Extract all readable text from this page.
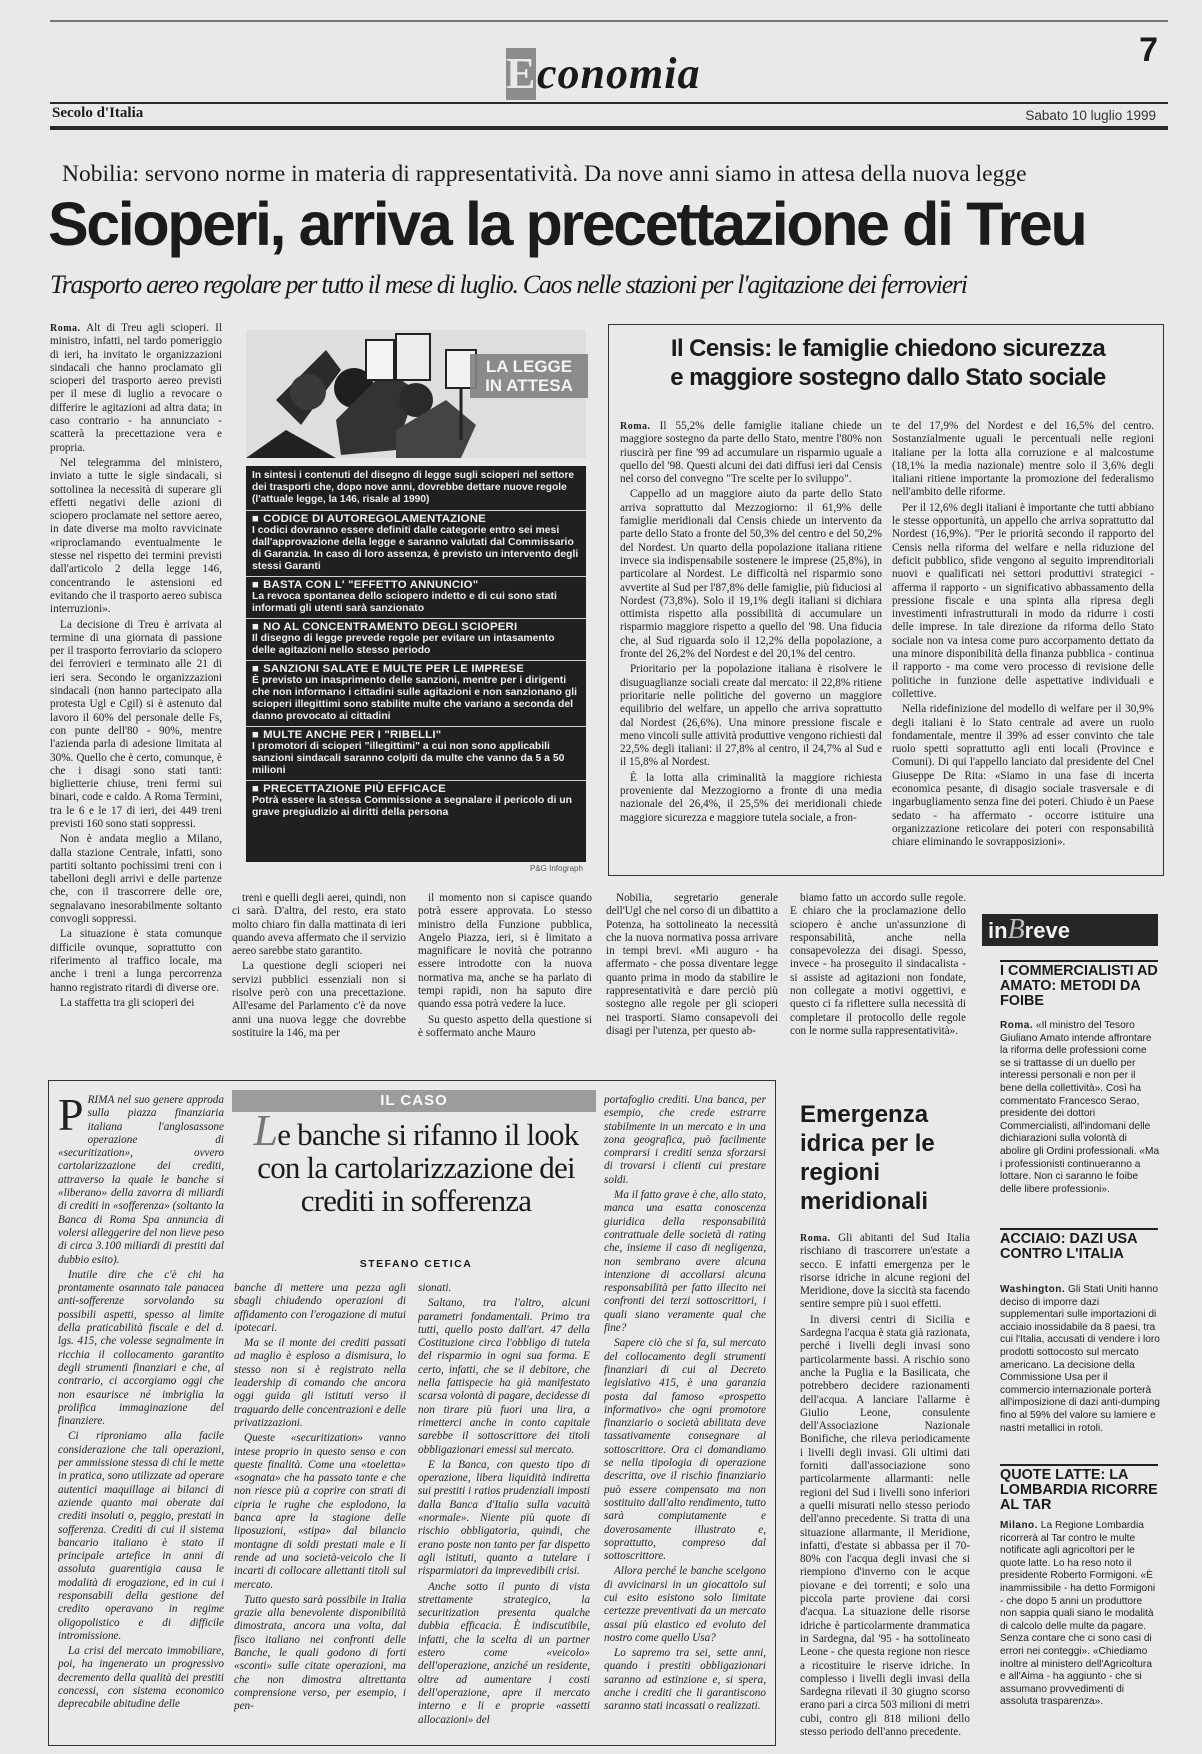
Economia	7
Secolo d'Italia	Sabato 10 luglio 1999
Nobilia: servono norme in materia di rappresentatività. Da nove anni siamo in attesa della nuova legge
Scioperi, arriva la precettazione di Treu
Trasporto aereo regolare per tutto il mese di luglio. Caos nelle stazioni per l'agitazione dei ferrovieri

Roma. Alt di Treu agli scioperi. Il ministro, infatti, nel tardo pomeriggio di ieri, ha invitato le organizzazioni sindacali che hanno proclamato gli scioperi del trasporto aereo previsti per il mese di luglio a revocare o differire le agitazioni ad altra data; in caso contrario - ha annunciato - scatterà la precettazione vera e propria.

Nel telegramma del ministero, inviato a tutte le sigle sindacali, si sottolinea la necessità di superare gli effetti negativi delle azioni di sciopero proclamate nel settore aereo, in date diverse ma molto ravvicinate «riproclamando eventualmente le stesse nel rispetto dei termini previsti dall'articolo 2 della legge 146, concentrando le astensioni ed evitando che il trasporto aereo subisca interruzioni».

La decisione di Treu è arrivata al termine di una giornata di passione per il trasporto ferroviario da sciopero dei ferrovieri e terminato alle 21 di ieri sera. Secondo le organizzazioni sindacali (non hanno partecipato alla protesta Ugl e Cgil) si è astenuto dal lavoro il 60% del personale delle Fs, con punte dell'80 - 90%, mentre l'azienda parla di adesione limitata al 30%. Quello che è certo, comunque, è che i disagi sono stati tanti: biglietterie chiuse, treni fermi sui binari, code e caldo. A Roma Termini, tra le 6 e le 17 di ieri, dei 449 treni previsti 160 sono stati soppressi.

Non è andata meglio a Milano, dalla stazione Centrale, infatti, sono partiti soltanto pochissimi treni con i tabelloni degli arrivi e delle partenze che, con il trascorrere delle ore, segnalavano inesorabilmente soltanto convogli soppressi.

La situazione è stata comunque difficile ovunque, soprattutto con riferimento al traffico locale, ma anche i treni a lunga percorrenza hanno registrato ritardi di diverse ore.

La staffetta tra gli scioperi dei

LA LEGGE
IN ATTESA
In sintesi i contenuti del disegno di legge sugli scioperi nel settore dei trasporti che, dopo nove anni, dovrebbe dettare nuove regole (l'attuale legge, la 146, risale al 1990)
■ CODICE DI AUTOREGOLAMENTAZIONE
I codici dovranno essere definiti dalle categorie entro sei mesi dall'approvazione della legge e saranno valutati dal Commissario di Garanzia. In caso di loro assenza, è previsto un intervento degli stessi Garanti
■ BASTA CON L' "EFFETTO ANNUNCIO"
La revoca spontanea dello sciopero indetto e di cui sono stati informati gli utenti sarà sanzionato
■ NO AL CONCENTRAMENTO DEGLI SCIOPERI
Il disegno di legge prevede regole per evitare un intasamento delle agitazioni nello stesso periodo
■ SANZIONI SALATE E MULTE PER LE IMPRESE
È previsto un inasprimento delle sanzioni, mentre per i dirigenti che non informano i cittadini sulle agitazioni e non sanzionano gli scioperi illegittimi sono stabilite multe che variano a seconda del danno provocato ai cittadini
■ MULTE ANCHE PER I "RIBELLI"
I promotori di scioperi "illegittimi" a cui non sono applicabili sanzioni sindacali saranno colpiti da multe che vanno da 5 a 50 milioni
■ PRECETTAZIONE PIÙ EFFICACE
Potrà essere la stessa Commissione a segnalare il pericolo di un grave pregiudizio ai diritti della persona
P&G Infograph

treni e quelli degli aerei, quindi, non ci sarà. D'altra, del resto, era stato molto chiaro fin dalla mattinata di ieri quando aveva affermato che il servizio aereo sarebbe stato garantito.

La questione degli scioperi nei servizi pubblici essenziali non si risolve però con una precettazione. All'esame del Parlamento c'è da nove anni una nuova legge che dovrebbe sostituire la 146, ma per

il momento non si capisce quando potrà essere approvata. Lo stesso ministro della Funzione pubblica, Angelo Piazza, ieri, si è limitato a magnificare le novità che potranno essere introdotte con la nuova normativa ma, anche se ha parlato di tempi rapidi, non ha saputo dire quando essa potrà vedere la luce.

Su questo aspetto della questione si è soffermato anche Mauro

Nobilia, segretario generale dell'Ugl che nel corso di un dibattito a Potenza, ha sottolineato la necessità che la nuova normativa possa arrivare in tempi brevi. «Mi auguro - ha affermato - che possa diventare legge quanto prima in modo da stabilire le rappresentatività e dare perciò più sostegno alle regole per gli scioperi nei trasporti. Siamo consapevoli dei disagi per l'utenza, per questo ab-

biamo fatto un accordo sulle regole. E chiaro che la proclamazione dello sciopero è anche un'assunzione di responsabilità, anche nella consapevolezza dei disagi. Spesso, invece - ha proseguito il sindacalista - si assiste ad agitazioni non fondate, non collegate a motivi oggettivi, e questo ci fa riflettere sulla necessità di completare il protocollo delle regole con le norme sulla rappresentatività».

Il Censis: le famiglie chiedono sicurezza
e maggiore sostegno dallo Stato sociale

Roma. Il 55,2% delle famiglie italiane chiede un maggiore sostegno da parte dello Stato, mentre l'80% non riuscirà per fine '99 ad accumulare un risparmio uguale a quello del '98. Questi alcuni dei dati diffusi ieri dal Censis nel corso del convegno "Tre scelte per lo sviluppo".

Cappello ad un maggiore aiuto da parte dello Stato arriva soprattutto dal Mezzogiorno: il 61,9% delle famiglie meridionali dal Censis chiede un intervento da parte dello Stato a fronte del 50,3% del centro e del 50,2% del Nordest. Un quarto della popolazione italiana ritiene invece sia indispensabile sostenere le imprese (25,8%), in particolare al Nordest. Le difficoltà nel risparmio sono avvertite al Sud per l'87,8% delle famiglie, più fiduciosi al Nordest (73,8%). Solo il 19,1% degli italiani si dichiara ottimista rispetto alla possibilità di accumulare un risparmio maggiore rispetto a quello del '98. Una fiducia che, al Sud riguarda solo il 12,2% della popolazione, a fronte del 26,2% del Nordest e del 20,1% del centro.

Prioritario per la popolazione italiana è risolvere le disuguaglianze sociali create dal mercato: il 22,8% ritiene prioritarie nelle politiche del governo un maggiore equilibrio del welfare, un appello che arriva soprattutto dal Nordest (26,6%). Una minore pressione fiscale e meno vincoli sulle attività produttive vengono richiesti dal 22,5% degli italiani: il 27,8% al centro, il 24,7% al Sud e il 15,8% al Nordest.

È la lotta alla criminalità la maggiore richiesta proveniente dal Mezzogiorno a fronte di una media nazionale del 26,4%, il 25,5% dei meridionali chiede maggiore sicurezza e maggiore tutela sociale, a fron-

te del 17,9% del Nordest e del 16,5% del centro. Sostanzialmente uguali le percentuali nelle regioni italiane per la lotta alla corruzione e al malcostume (18,1% la media nazionale) mentre solo il 3,6% degli italiani ritiene importante la promozione del federalismo nell'ambito delle riforme.

Per il 12,6% degli italiani è importante che tutti abbiano le stesse opportunità, un appello che arriva soprattutto dal Nordest (16,9%). "Per le priorità secondo il rapporto del Censis nella riforma del welfare e nella riduzione del deficit pubblico, sfide vengono al seguito imprenditoriali nuovi e qualificati nei settori produttivi strategici - afferma il rapporto - un significativo abbassamento della pressione fiscale e una spinta alla ripresa degli investimenti infrastrutturali in modo da ridurre i costi delle imprese. In tale direzione da riforma dello Stato sociale non va intesa come puro accorpamento dettato da una minore disponibilità della finanza pubblica - continua il rapporto - ma come vero processo di revisione delle politiche in funzione delle aspettative individuali e collettive.

Nella ridefinizione del modello di welfare per il 30,9% degli italiani è lo Stato centrale ad avere un ruolo fondamentale, mentre il 39% ad esser convinto che tale ruolo spetti soprattutto agli enti locali (Province e Comuni). Di qui l'appello lanciato dal presidente del Cnel Giuseppe De Rita: «Siamo in una fase di incerta economica pesante, di disagio sociale trasversale e di ingarbugliamento senza fine dei poteri. Chiudo è un Paese sedato - ha affermato - occorre istituire una organizzazione reticolare dei poteri con responsabilità chiare eliminando le sovrapposizioni».

inBreve
I COMMERCIALISTI AD AMATO: METODI DA FOIBE
Roma. «Il ministro del Tesoro Giuliano Amato intende affrontare la riforma delle professioni come se si trattasse di un duello per interessi personali e non per il bene della collettività». Così ha commentato Francesco Serao, presidente dei dottori Commercialisti, all'indomani delle dichiarazioni sulla volontà di abolire gli Ordini professionali. «Ma i professionisti continueranno a lottare. Non ci saranno le foibe delle libere professioni».
ACCIAIO: DAZI USA CONTRO L'ITALIA
Washington. Gli Stati Uniti hanno deciso di imporre dazi supplementari sulle importazioni di acciaio inossidabile da 8 paesi, tra cui l'Italia, accusati di vendere i loro prodotti sottocosto sul mercato americano. La decisione della Commissione Usa per il commercio internazionale porterà all'imposizione di dazi anti-dumping fino al 59% del valore su lamiere e nastri metallici in rotoli.
QUOTE LATTE: LA LOMBARDIA RICORRE AL TAR
Milano. La Regione Lombardia ricorrerà al Tar contro le multe notificate agli agricoltori per le quote latte. Lo ha reso noto il presidente Roberto Formigoni. «È inammissibile - ha detto Formigoni - che dopo 5 anni un produttore non sappia quali siano le modalità di calcolo delle multe da pagare. Senza contare che ci sono casi di errori nei conteggi». «Chiediamo inoltre al ministero dell'Agricoltura e all'Aima - ha aggiunto - che si assumano provvedimenti di assoluta trasparenza».
IL CASO
Le banche si rifanno il look con la cartolarizzazione dei crediti in sofferenza
STEFANO CETICA

PRIMA nel suo genere approda sulla piazza finanziaria italiana l'anglosassone operazione di «securitization», ovvero cartolarizzazione dei crediti, attraverso la quale le banche si «liberano» della zavorra di miliardi di crediti in «sofferenza» (soltanto la Banca di Roma Spa annuncia di volersi alleggerire del non lieve peso di circa 3.100 miliardi di prestiti dal dubbio esito).

Inutile dire che c'è chi ha prontamente osannato tale panacea anti-sofferenze sorvolando su possibili aspetti, spesso al limite della praticabilità fiscale e del d. lgs. 415, che volesse segnalmente in ricchia il collocamento garantito degli strumenti finanziari e che, al contrario, ci accorgiamo oggi che non esaurisce né imbriglia la prolifica immaginazione del finanziere.

Ci riproniamo alla facile considerazione che tali operazioni, per ammissione stessa di chi le mette in pratica, sono utilizzate ad operare autentici maquillage ai bilanci di aziende quanto mai oberate dai crediti insoluti o, peggio, prestati in sofferenza. Crediti di cui il sistema bancario italiano è stato il principale artefice in anni di assoluta guarentigia causa le modalità di erogazione, ed in cui i responsabili della gestione del credito operavano in regime oligopolistico e di difficile intromissione.

La crisi del mercato immobiliare, poi, ha ingenerato un progressivo decremento della qualità dei prestiti concessi, con sistema economico deprecabile abitudine delle

banche di mettere una pezza agli sbagli chiudendo operazioni di affidamento con l'erogazione di mutui ipotecari.

Ma se il monte dei crediti passati ad maglio è esploso a dismisura, lo stesso non si è registrato nella leadership di comando che ancora oggi guida gli istituti verso il traguardo delle concentrazioni e delle privatizzazioni.

Queste «securitization» vanno intese proprio in questo senso e con queste finalità. Come una «toeletta» «sognata» che ha passato tante e che non riesce più a coprire con strati di cipria le rughe che esplodono, la banca apre la stagione delle liposuzioni, «stipa» dal bilancio montagne di soldi prestati male e li rende ad una società-veicolo che li incarti di collocare allettanti titoli sul mercato.

Tutto questo sarà possibile in Italia grazie alla benevolente disponibilità dimostrata, ancora una volta, dal fisco italiano nei confronti delle Banche, le quali godono di forti «sconti» sulle citate operazioni, ma che non dimostra altrettanta comprensione verso, per esempio, i pen-

sionati.

Saltano, tra l'altro, alcuni parametri fondamentali. Primo tra tutti, quello posto dall'art. 47 della Costituzione circa l'obbligo di tutela del risparmio in ogni sua forma. E certo, infatti, che se il debitore, che nella fattispecie ha già manifestato scarsa volontà di pagare, decidesse di non tirare più fuori una lira, a rimetterci anche in conto capitale sarebbe il sottoscrittore dei titoli obbligazionari emessi sul mercato.

E la Banca, con questo tipo di operazione, libera liquidità indiretta sui prestiti i ratios prudenziali imposti dalla Banca d'Italia sulla vacuità «normale». Niente più quote di rischio obbligatoria, quindi, che erano poste non tanto per far dispetto agli istituti, quanto a tutelare i risparmiatori da imprevedibili crisi.

Anche sotto il punto di vista strettamente strategico, la securitization presenta qualche dubbia efficacia. È indiscutibile, infatti, che la scelta di un partner estero come «veicolo» dell'operazione, anziché un residente, oltre ad aumentare i costi dell'operazione, apre il mercato interno e li e proprie «assetti allocazioni» del

portafoglio crediti. Una banca, per esempio, che crede estrarre stabilmente in un mercato e in una zona geografica, può facilmente comprarsi i crediti senza sforzarsi di trovarsi i clienti cui prestare soldi.

Ma il fatto grave è che, allo stato, manca una esatta conoscenza giuridica della responsabilità contrattuale delle società di rating che, insieme il caso di negligenza, non sembrano avere alcuna intenzione di accollarsi alcuna responsabilità per fatto illecito nei confronti dei terzi sottoscrittori, i quali siano veramente qual che fine?

Sapere ciò che si fa, sul mercato del collocamento degli strumenti finanziari di cui al Decreto legislativo 415, è una garanzia posta dal famoso «prospetto informativo» che ogni promotore finanziario o società abilitata deve tassativamente consegnare al sottoscrittore. Ora ci domandiamo se nella tipologia di operazione descritta, ove il rischio finanziario può essere compensato ma non sostituito dall'alto rendimento, tutto sarà compiutamente e doverosamente illustrato e, soprattutto, compreso dal sottoscrittore.

Allora perché le banche scelgono di avvicinarsi in un giocattolo sul cui esito esistono solo limitate certezze preventivati da un mercato assai più elastico ed evoluto del nostro come quello Usa?

Lo sapremo tra sei, sette anni, quando i prestiti obbligazionari saranno ad estinzione e, si spera, anche i crediti che li garantiscono saranno stati incassati o realizzati.

Emergenza idrica per le regioni meridionali

Roma. Gli abitanti del Sud Italia rischiano di trascorrere un'estate a secco. E infatti emergenza per le risorse idriche in alcune regioni del Meridione, dove la siccità sta facendo sentire sempre più i suoi effetti.

In diversi centri di Sicilia e Sardegna l'acqua è stata già razionata, perché i livelli degli invasi sono particolarmente bassi. A rischio sono anche la Puglia e la Basilicata, che potrebbero decidere razionamenti dell'acqua. A lanciare l'allarme è Giulio Leone, consulente dell'Associazione Nazionale Bonifiche, che rileva periodicamente i livelli degli invasi. Gli ultimi dati forniti dall'associazione sono particolarmente allarmanti: nelle regioni del Sud i livelli sono inferiori a quelli misurati nello stesso periodo dell'anno precedente. Si tratta di una situazione allarmante, il Meridione, infatti, d'estate si abbassa per il 70-80% con l'acqua degli invasi che si riempiono d'inverno con le acque piovane e dei torrenti; e solo una piccola parte proviene dai corsi d'acqua. La situazione delle risorse idriche è particolarmente drammatica in Sardegna, dal '95 - ha sottolineato Leone - che questa regione non riesce a ricostituire le riserve idriche. In complesso i livelli degli invasi della Sardegna rilevati il 30 giugno scorso erano pari a circa 503 milioni di metri cubi, contro gli 818 milioni dello stesso periodo dell'anno precedente.
